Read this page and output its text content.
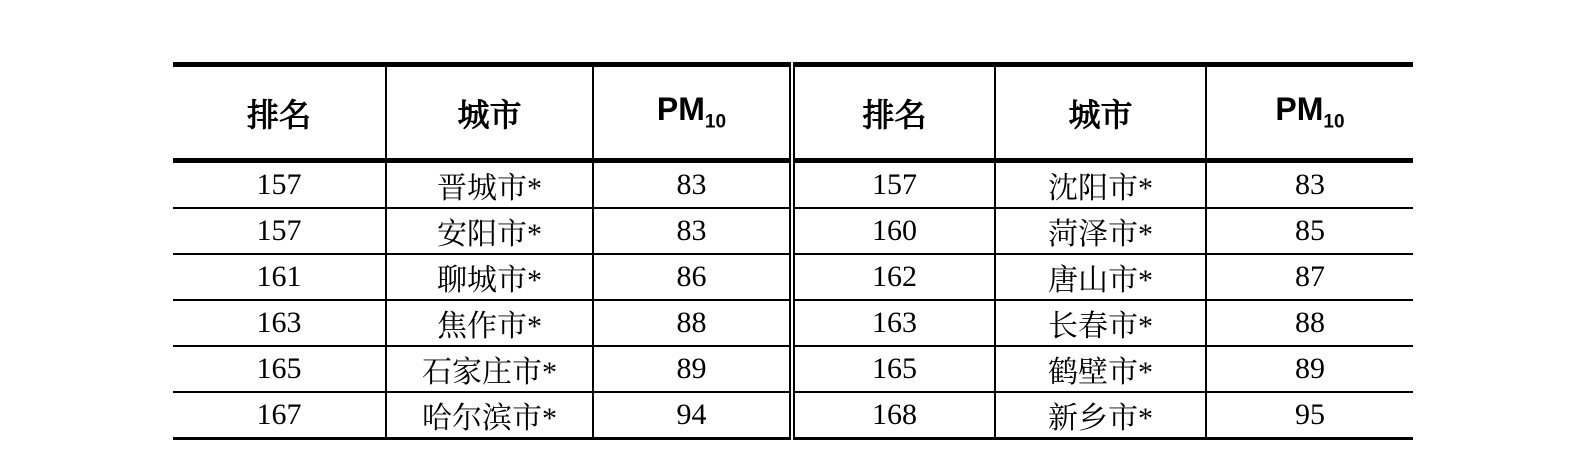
排名	城市	$PM_{10}$	排名	城市	$PM_{10}$
157	晋城市*	83	157	沈阳市*	83
157	安阳市*	83	160	菏泽市*	85
161	聊城市*	86	162	唐山市*	87
163	焦作市*	88	163	长春市*	88
165	石家庄市*	89	165	鹤壁市*	89
167	哈尔滨市*	94	168	新乡市*	95
